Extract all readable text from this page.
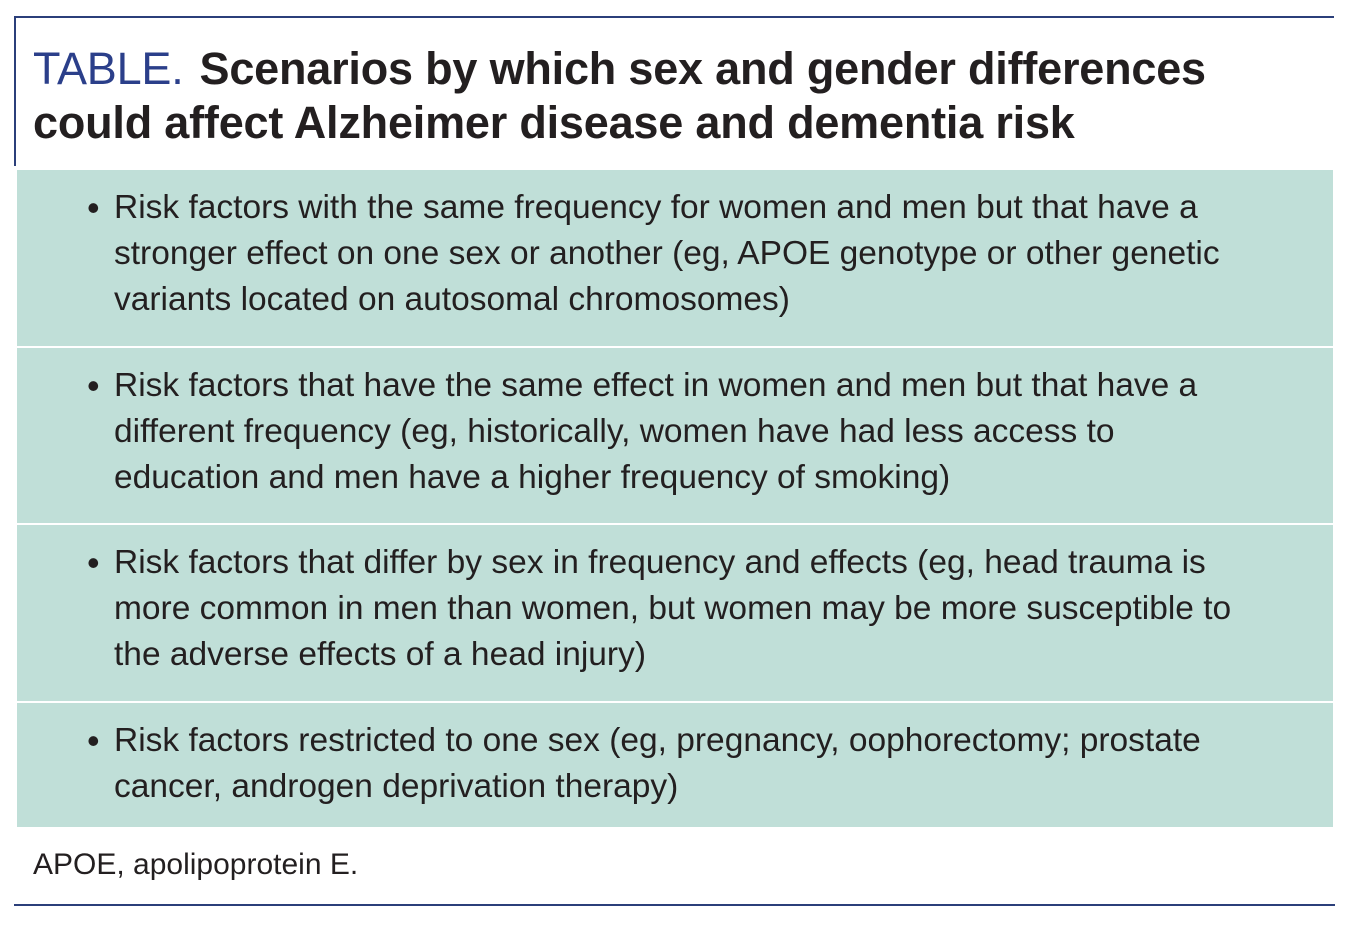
TABLE. Scenarios by which sex and gender differences could affect Alzheimer disease and dementia risk
• Risk factors with the same frequency for women and men but that have a stronger effect on one sex or another (eg, APOE genotype or other genetic variants located on autosomal chromosomes)

• Risk factors that have the same effect in women and men but that have a different frequency (eg, historically, women have had less access to education and men have a higher frequency of smoking)

• Risk factors that differ by sex in frequency and effects (eg, head trauma is more common in men than women, but women may be more susceptible to the adverse effects of a head injury)

• Risk factors restricted to one sex (eg, pregnancy, oophorectomy; prostate cancer, androgen deprivation therapy)

APOE, apolipoprotein E.
